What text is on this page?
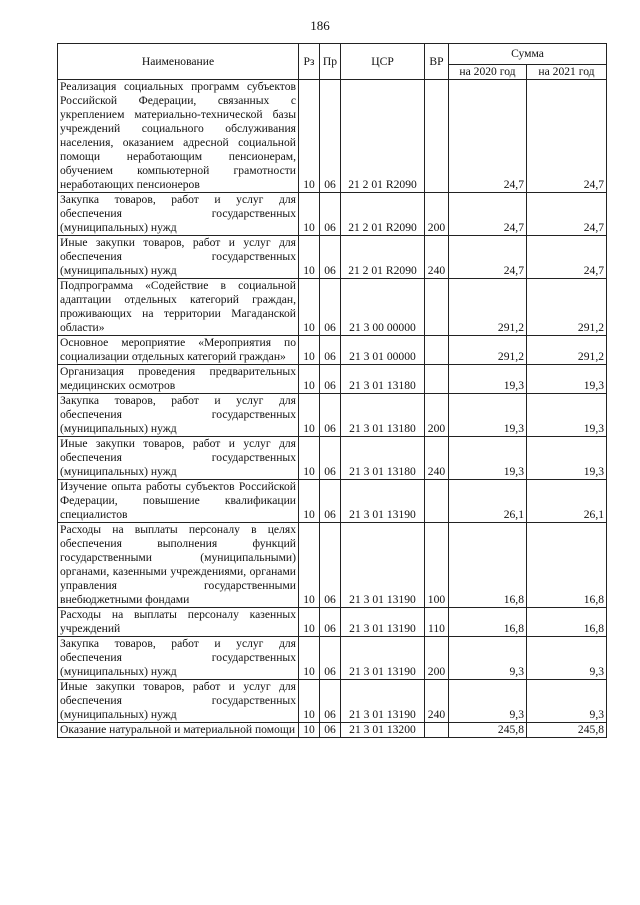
186
Наименование	Рз	Пр	ЦСР	ВР	Сумма	
					на 2020 год	на 2021 год
Реализация социальных программ субъектов Российской Федерации, связанных с укреплением материально-технической базы учреждений социального обслуживания населения, оказанием адресной социальной помощи неработающим пенсионерам, обучением компьютерной грамотности неработающих пенсионеров	10	06	21 2 01 R2090		24,7	24,7
Закупка товаров, работ и услуг для обеспечения государственных (муниципальных) нужд	10	06	21 2 01 R2090	200	24,7	24,7
Иные закупки товаров, работ и услуг для обеспечения государственных (муниципальных) нужд	10	06	21 2 01 R2090	240	24,7	24,7
Подпрограмма «Содействие в социальной адаптации отдельных категорий граждан, проживающих на территории Магаданской области»	10	06	21 3 00 00000		291,2	291,2
Основное мероприятие «Мероприятия по социализации отдельных категорий граждан»	10	06	21 3 01 00000		291,2	291,2
Организация проведения предварительных медицинских осмотров	10	06	21 3 01 13180		19,3	19,3
Закупка товаров, работ и услуг для обеспечения государственных (муниципальных) нужд	10	06	21 3 01 13180	200	19,3	19,3
Иные закупки товаров, работ и услуг для обеспечения государственных (муниципальных) нужд	10	06	21 3 01 13180	240	19,3	19,3
Изучение опыта работы субъектов Российской Федерации, повышение квалификации специалистов	10	06	21 3 01 13190		26,1	26,1
Расходы на выплаты персоналу в целях обеспечения выполнения функций государственными (муниципальными) органами, казенными учреждениями, органами управления государственными внебюджетными фондами	10	06	21 3 01 13190	100	16,8	16,8
Расходы на выплаты персоналу казенных учреждений	10	06	21 3 01 13190	110	16,8	16,8
Закупка товаров, работ и услуг для обеспечения государственных (муниципальных) нужд	10	06	21 3 01 13190	200	9,3	9,3
Иные закупки товаров, работ и услуг для обеспечения государственных (муниципальных) нужд	10	06	21 3 01 13190	240	9,3	9,3
Оказание натуральной и материальной помощи	10	06	21 3 01 13200		245,8	245,8
